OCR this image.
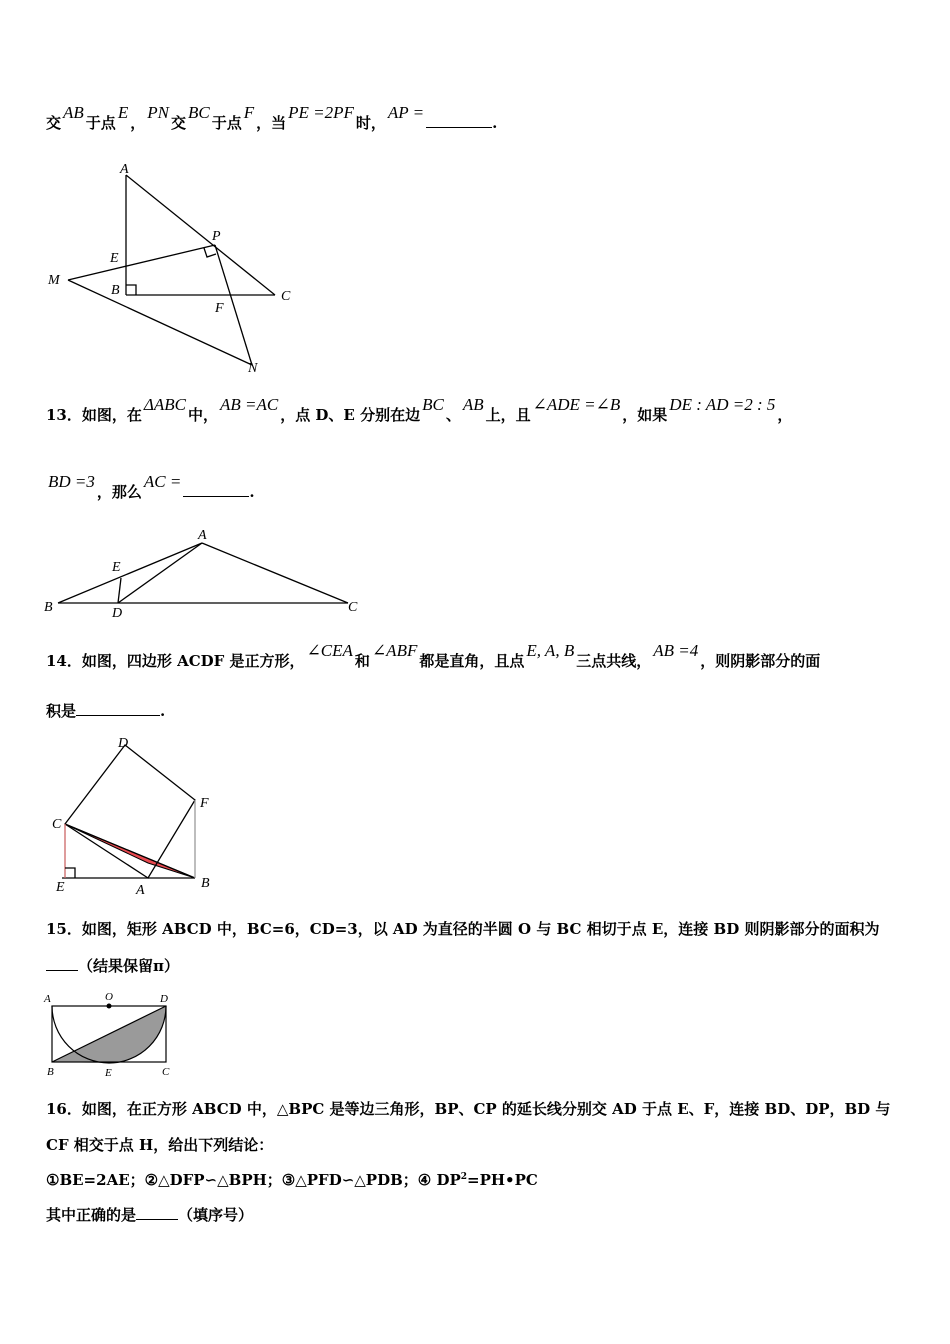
交AB于点E，PN交BC于点F，当PE =2PF时，AP =.
A
P
E
M
B	C
F
N
13．如图，在ΔABC中，AB =AC，点 D、E 分别在边BC、AB上，且∠ADE =∠B，如果DE : AD =2 : 5，
BD =3，那么AC =.
A
E
B	D	C
14．如图，四边形 ACDF 是正方形，∠CEA和∠ABF都是直角，且点E, A, B三点共线，AB =4，则阴影部分的面
积是	.
D
F
C
E	A	B
15．如图，矩形 ABCD 中，BC=6，CD=3，以 AD 为直径的半圆 O 与 BC 相切于点 E，连接 BD 则阴影部分的面积为
（结果保留π）
A	O	D
B	E	C
16．如图，在正方形 ABCD 中，△BPC 是等边三角形，BP、CP 的延长线分别交 AD 于点 E、F，连接 BD、DP，BD 与
CF 相交于点 H，给出下列结论：
①BE=2AE；②△DFP∽△BPH；③△PFD∽△PDB；④ $DP^2=PH•PC$
其中正确的是	（填序号）
